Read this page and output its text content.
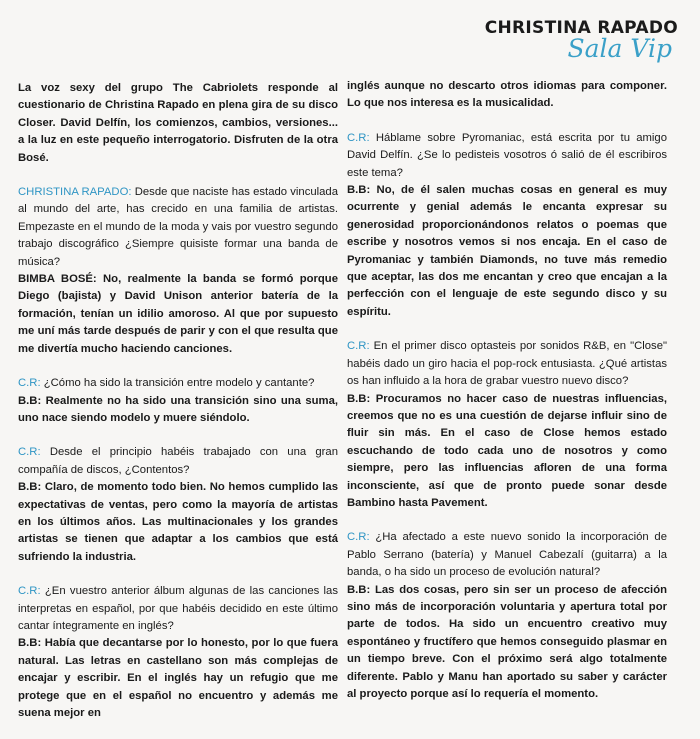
CHRISTINA RAPADO
Sala Vip

La voz sexy del grupo The Cabriolets responde al cuestionario de Christina Rapado en plena gira de su disco Closer. David Delfín, los comienzos, cambios, versiones... a la luz en este pequeño interrogatorio. Disfruten de la otra Bosé.

CHRISTINA RAPADO: Desde que naciste has estado vinculada al mundo del arte, has crecido en una familia de artistas. Empezaste en el mundo de la moda y vais por vuestro segundo trabajo discográfico ¿Siempre quisiste formar una banda de música?
BIMBA BOSÉ: No, realmente la banda se formó porque Diego (bajista) y David Unison anterior batería de la formación, tenían un idilio amoroso. Al que por supuesto me uní más tarde después de parir y con el que resulta que me divertía mucho haciendo canciones.

C.R: ¿Cómo ha sido la transición entre modelo y cantante?
B.B: Realmente no ha sido una transición sino una suma, uno nace siendo modelo y muere siéndolo.

C.R: Desde el principio habéis trabajado con una gran compañía de discos, ¿Contentos?
B.B: Claro, de momento todo bien. No hemos cumplido las expectativas de ventas, pero como la mayoría de artistas en los últimos años. Las multinacionales y los grandes artistas se tienen que adaptar a los cambios que está sufriendo la industria.

C.R: ¿En vuestro anterior álbum algunas de las canciones las interpretas en español, por que habéis decidido en este último cantar íntegramente en inglés?
B.B: Había que decantarse por lo honesto, por lo que fuera natural. Las letras en castellano son más complejas de encajar y escribir. En el inglés hay un refugio que me protege que en el español no encuentro y además me suena mejor en

inglés aunque no descarto otros idiomas para componer. Lo que nos interesa es la musicalidad.

C.R: Háblame sobre Pyromaniac, está escrita por tu amigo David Delfín. ¿Se lo pedisteis vosotros ó salió de él escribiros este tema?
B.B: No, de él salen muchas cosas en general es muy ocurrente y genial además le encanta expresar su generosidad proporcionándonos relatos o poemas que escribe y nosotros vemos si nos encaja. En el caso de Pyromaniac y también Diamonds, no tuve más remedio que aceptar, las dos me encantan y creo que encajan a la perfección con el lenguaje de este segundo disco y su espíritu.

C.R: En el primer disco optasteis por sonidos R&B, en "Close" habéis dado un giro hacia el pop-rock entusiasta. ¿Qué artistas os han influido a la hora de grabar vuestro nuevo disco?
B.B: Procuramos no hacer caso de nuestras influencias, creemos que no es una cuestión de dejarse influir sino de fluir sin más. En el caso de Close hemos estado escuchando de todo cada uno de nosotros y como siempre, pero las influencias afloren de una forma inconsciente, así que de pronto puede sonar desde Bambino hasta Pavement.

C.R: ¿Ha afectado a este nuevo sonido la incorporación de Pablo Serrano (batería) y Manuel Cabezalí (guitarra) a la banda, o ha sido un proceso de evolución natural?
B.B: Las dos cosas, pero sin ser un proceso de afección sino más de incorporación voluntaria y apertura total por parte de todos. Ha sido un encuentro creativo muy espontáneo y fructífero que hemos conseguido plasmar en un tiempo breve. Con el próximo será algo totalmente diferente. Pablo y Manu han aportado su saber y carácter al proyecto porque así lo requería el momento.
